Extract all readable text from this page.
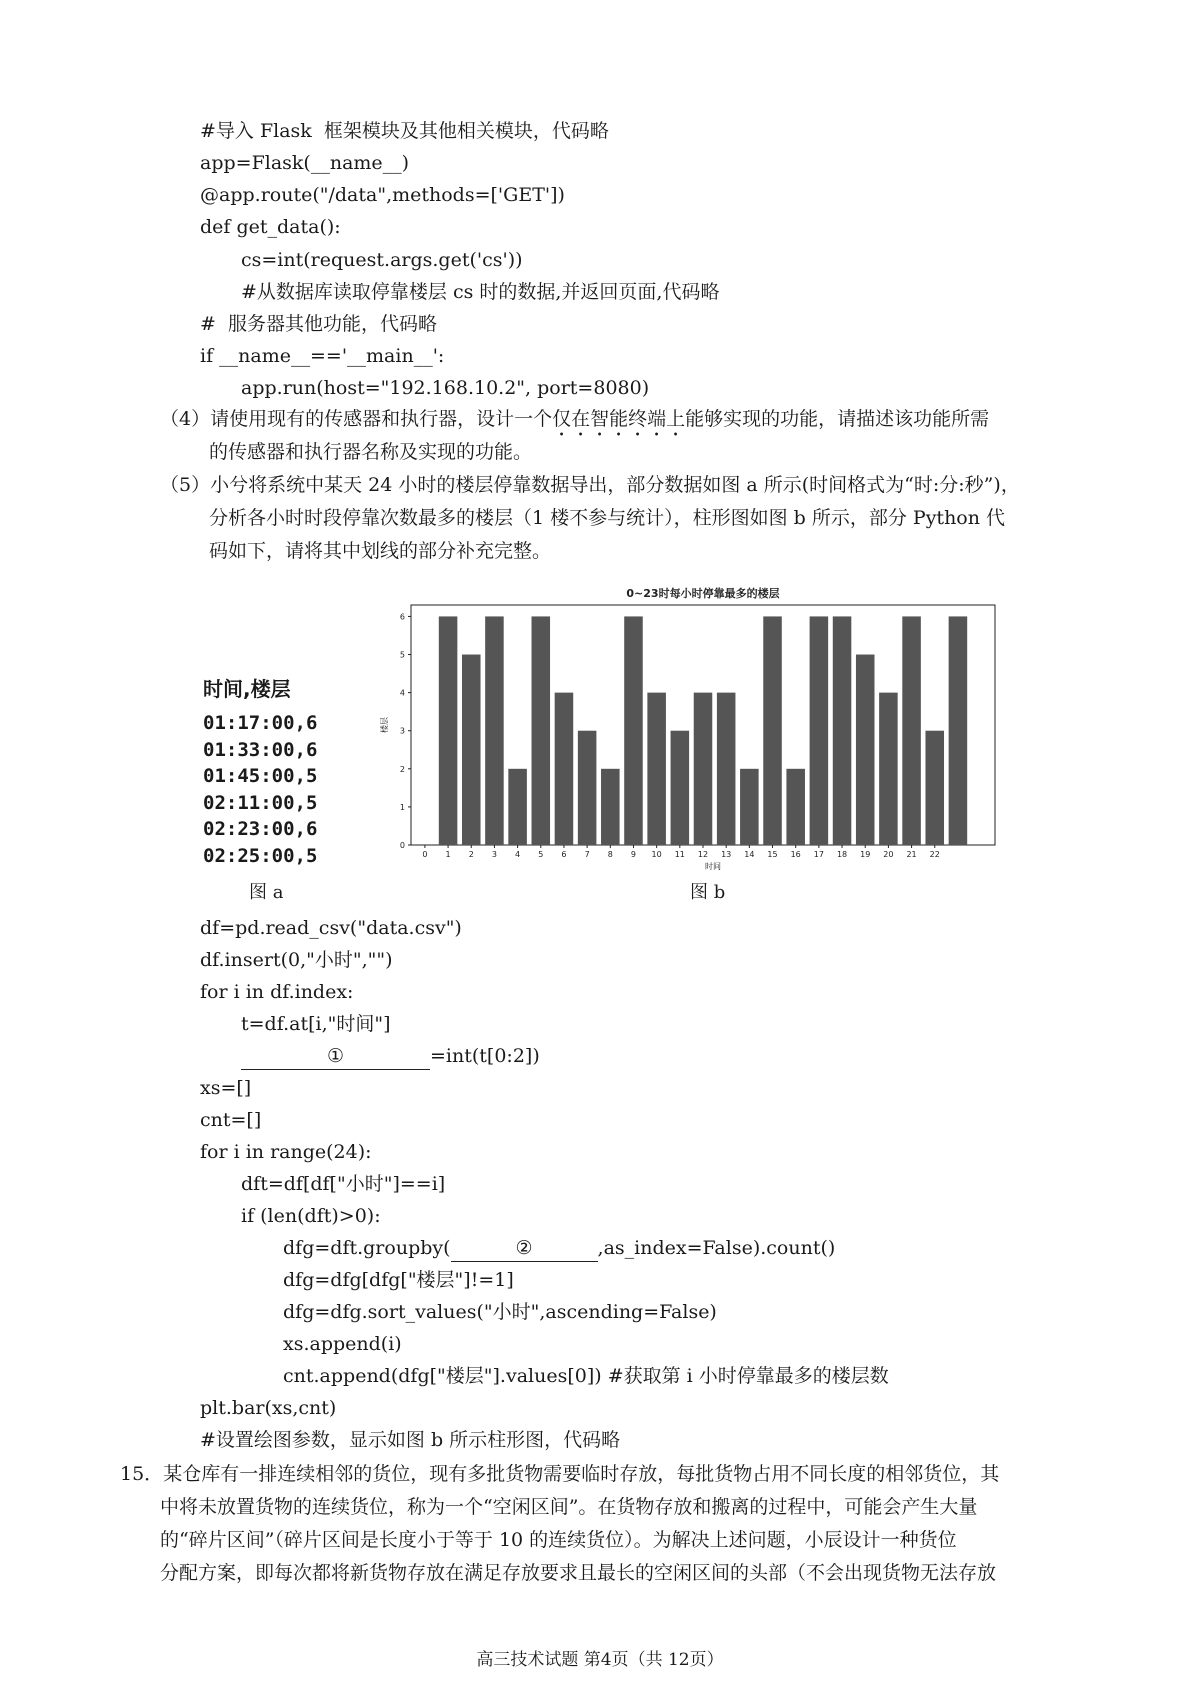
#导入 Flask  框架模块及其他相关模块，代码略
app=Flask(__name__)
@app.route("/data",methods=['GET'])
def get_data():
cs=int(request.args.get('cs'))
#从数据库读取停靠楼层 cs 时的数据,并返回页面,代码略
#  服务器其他功能，代码略
if __name__=='__main__':
app.run(host="192.168.10.2", port=8080)
（4）请使用现有的传感器和执行器，设计一个仅在智能终端上能够实现的功能，请描述该功能所需
的传感器和执行器名称及实现的功能。
（5）小兮将系统中某天 24 小时的楼层停靠数据导出，部分数据如图 a 所示(时间格式为“时:分:秒”)，
分析各小时时段停靠次数最多的楼层（1 楼不参与统计），柱形图如图 b 所示，部分 Python 代
码如下，请将其中划线的部分补充完整。
时间,楼层
01:17:00,6
01:33:00,6
01:45:00,5
02:11:00,5
02:23:00,6
02:25:00,5
图 a
0~23时每小时停靠最多的楼层
0
1
2
3
4
5
6
0 1 2 3 4 5 6 7 8 9 10 11 12 13 14 15 16 17 18 19 20 21 22
时间
楼层
图 b
df=pd.read_csv("data.csv")
df.insert(0,"小时","")
for i in df.index:
t=df.at[i,"时间"]
①	=int(t[0:2])
xs=[]
cnt=[]
for i in range(24):
dft=df[df["小时"]==i]
if (len(dft)>0):
dfg=dft.groupby(	②	,as_index=False).count()
dfg=dfg[dfg["楼层"]!=1]
dfg=dfg.sort_values("小时",ascending=False)
xs.append(i)
cnt.append(dfg["楼层"].values[0]) #获取第 i 小时停靠最多的楼层数
plt.bar(xs,cnt)
#设置绘图参数，显示如图 b 所示柱形图，代码略
15．某仓库有一排连续相邻的货位，现有多批货物需要临时存放，每批货物占用不同长度的相邻货位，其
中将未放置货物的连续货位，称为一个“空闲区间”。在货物存放和搬离的过程中，可能会产生大量
的“碎片区间”（碎片区间是长度小于等于 10 的连续货位）。为解决上述问题，小辰设计一种货位
分配方案，即每次都将新货物存放在满足存放要求且最长的空闲区间的头部（不会出现货物无法存放
高三技术试题 第4页（共 12页）
